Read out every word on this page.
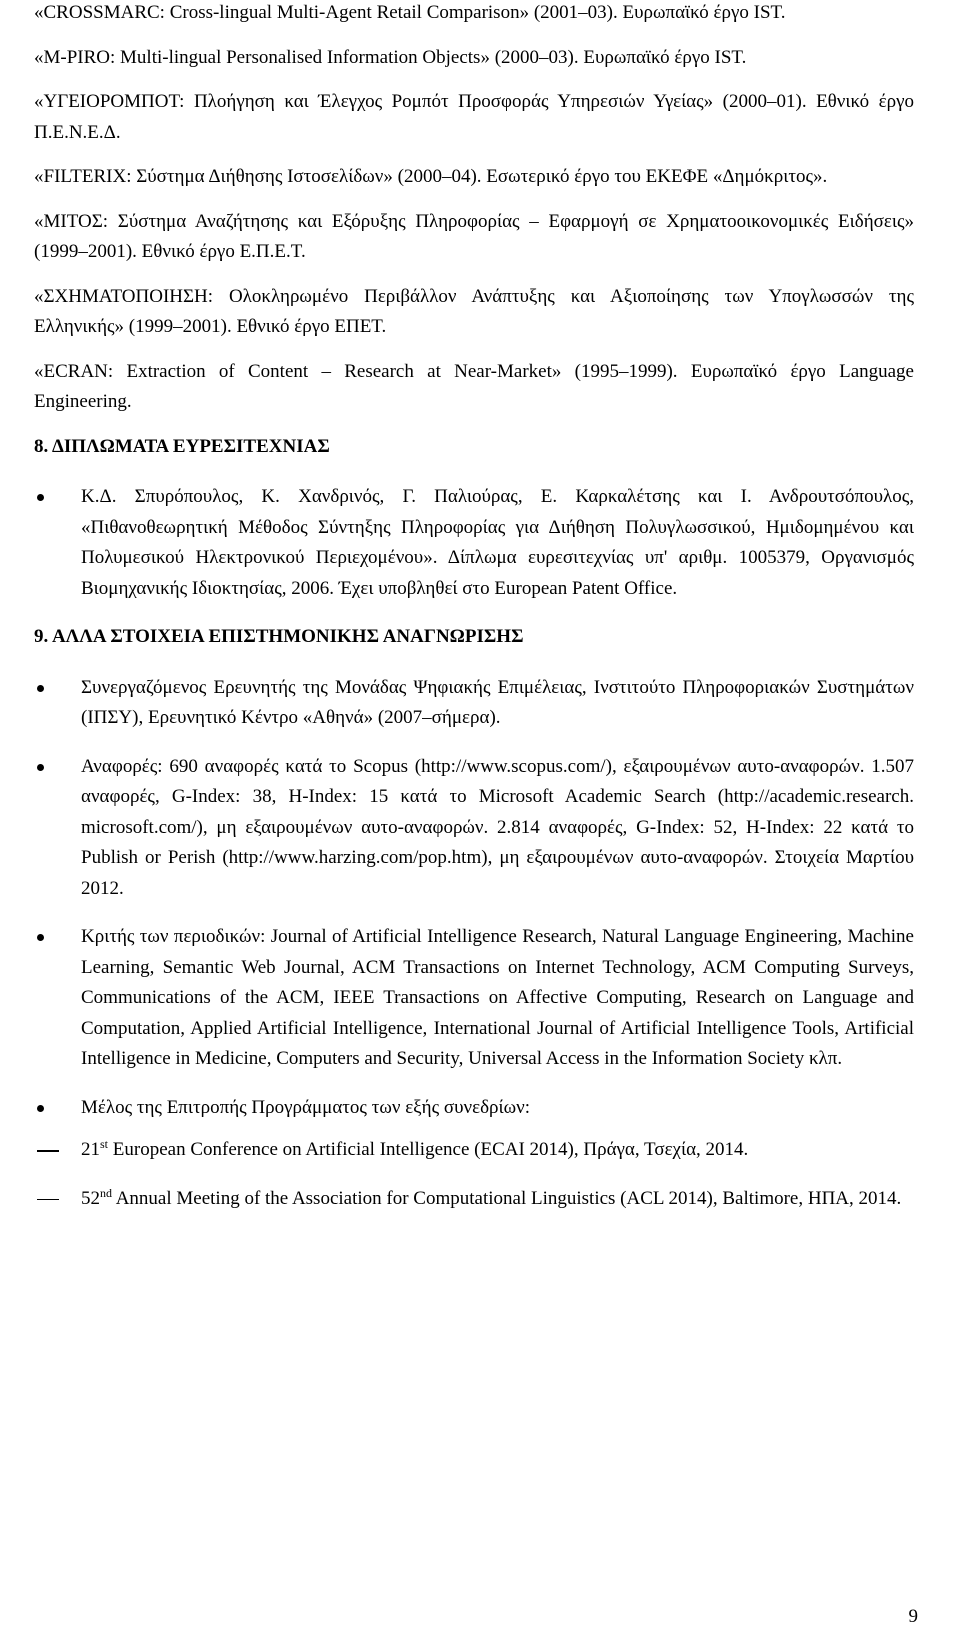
«CROSSMARC: Cross-lingual Multi-Agent Retail Comparison» (2001‒03). Ευρωπαϊκό έργο IST.

«M-PIRO: Multi-lingual Personalised Information Objects» (2000‒03). Ευρωπαϊκό έργο IST.

«ΥΓΕΙΟΡΟΜΠΟΤ: Πλοήγηση και Έλεγχος Ρομπότ Προσφοράς Υπηρεσιών Υγείας» (2000‒01). Εθνικό έργο Π.Ε.Ν.Ε.Δ.

«FILTERIX: Σύστημα Διήθησης Ιστοσελίδων» (2000‒04). Εσωτερικό έργο του ΕΚΕΦΕ «Δημόκριτος».

«ΜΙΤΟΣ: Σύστημα Αναζήτησης και Εξόρυξης Πληροφορίας ‒ Εφαρμογή σε Χρηματοοικονομικές Ειδήσεις» (1999‒2001). Εθνικό έργο Ε.Π.Ε.Τ.

«ΣΧΗΜΑΤΟΠΟΙΗΣΗ: Ολοκληρωμένο Περιβάλλον Ανάπτυξης και Αξιοποίησης των Υπογλωσσών της Ελληνικής» (1999‒2001). Εθνικό έργο ΕΠΕΤ.

«ECRAN: Extraction of Content ‒ Research at Near-Market» (1995‒1999). Ευρωπαϊκό έργο Language Engineering.

8. ΔΙΠΛΩΜΑΤΑ ΕΥΡΕΣΙΤΕΧΝΙΑΣ
Κ.Δ. Σπυρόπουλος, Κ. Χανδρινός, Γ. Παλιούρας, Ε. Καρκαλέτσης και Ι. Ανδρουτσόπουλος, «Πιθανοθεωρητική Μέθοδος Σύντηξης Πληροφορίας για Διήθηση Πολυγλωσσικού, Ημιδομημένου και Πολυμεσικού Ηλεκτρονικού Περιεχομένου». Δίπλωμα ευρεσιτεχνίας υπ' αριθμ. 1005379, Οργανισμός Βιομηχανικής Ιδιοκτησίας, 2006. Έχει υποβληθεί στο European Patent Office.
9. ΑΛΛΑ ΣΤΟΙΧΕΙΑ ΕΠΙΣΤΗΜΟΝΙΚΗΣ ΑΝΑΓΝΩΡΙΣΗΣ
Συνεργαζόμενος Ερευνητής της Μονάδας Ψηφιακής Επιμέλειας, Ινστιτούτο Πληροφοριακών Συστημάτων (ΙΠΣΥ), Ερευνητικό Κέντρο «Αθηνά» (2007‒σήμερα).
Αναφορές: 690 αναφορές κατά το Scopus (http://www.scopus.com/), εξαιρουμένων αυτο-αναφορών. 1.507 αναφορές, G-Index: 38, H-Index: 15 κατά το Microsoft Academic Search (http://academic.research. microsoft.com/), μη εξαιρουμένων αυτο-αναφορών. 2.814 αναφορές, G-Index: 52, H-Index: 22 κατά το Publish or Perish (http://www.harzing.com/pop.htm), μη εξαιρουμένων αυτο-αναφορών. Στοιχεία Μαρτίου 2012.
Κριτής των περιοδικών: Journal of Artificial Intelligence Research, Natural Language Engineering, Machine Learning, Semantic Web Journal, ACM Transactions on Internet Technology, ACM Computing Surveys, Communications of the ACM, IEEE Transactions on Affective Computing, Research on Language and Computation, Applied Artificial Intelligence, International Journal of Artificial Intelligence Tools, Artificial Intelligence in Medicine, Computers and Security, Universal Access in the Information Society κλπ.
Μέλος της Επιτροπής Προγράμματος των εξής συνεδρίων:
21st European Conference on Artificial Intelligence (ECAI 2014), Πράγα, Τσεχία, 2014.
52nd Annual Meeting of the Association for Computational Linguistics (ACL 2014), Baltimore, ΗΠΑ, 2014.
9
